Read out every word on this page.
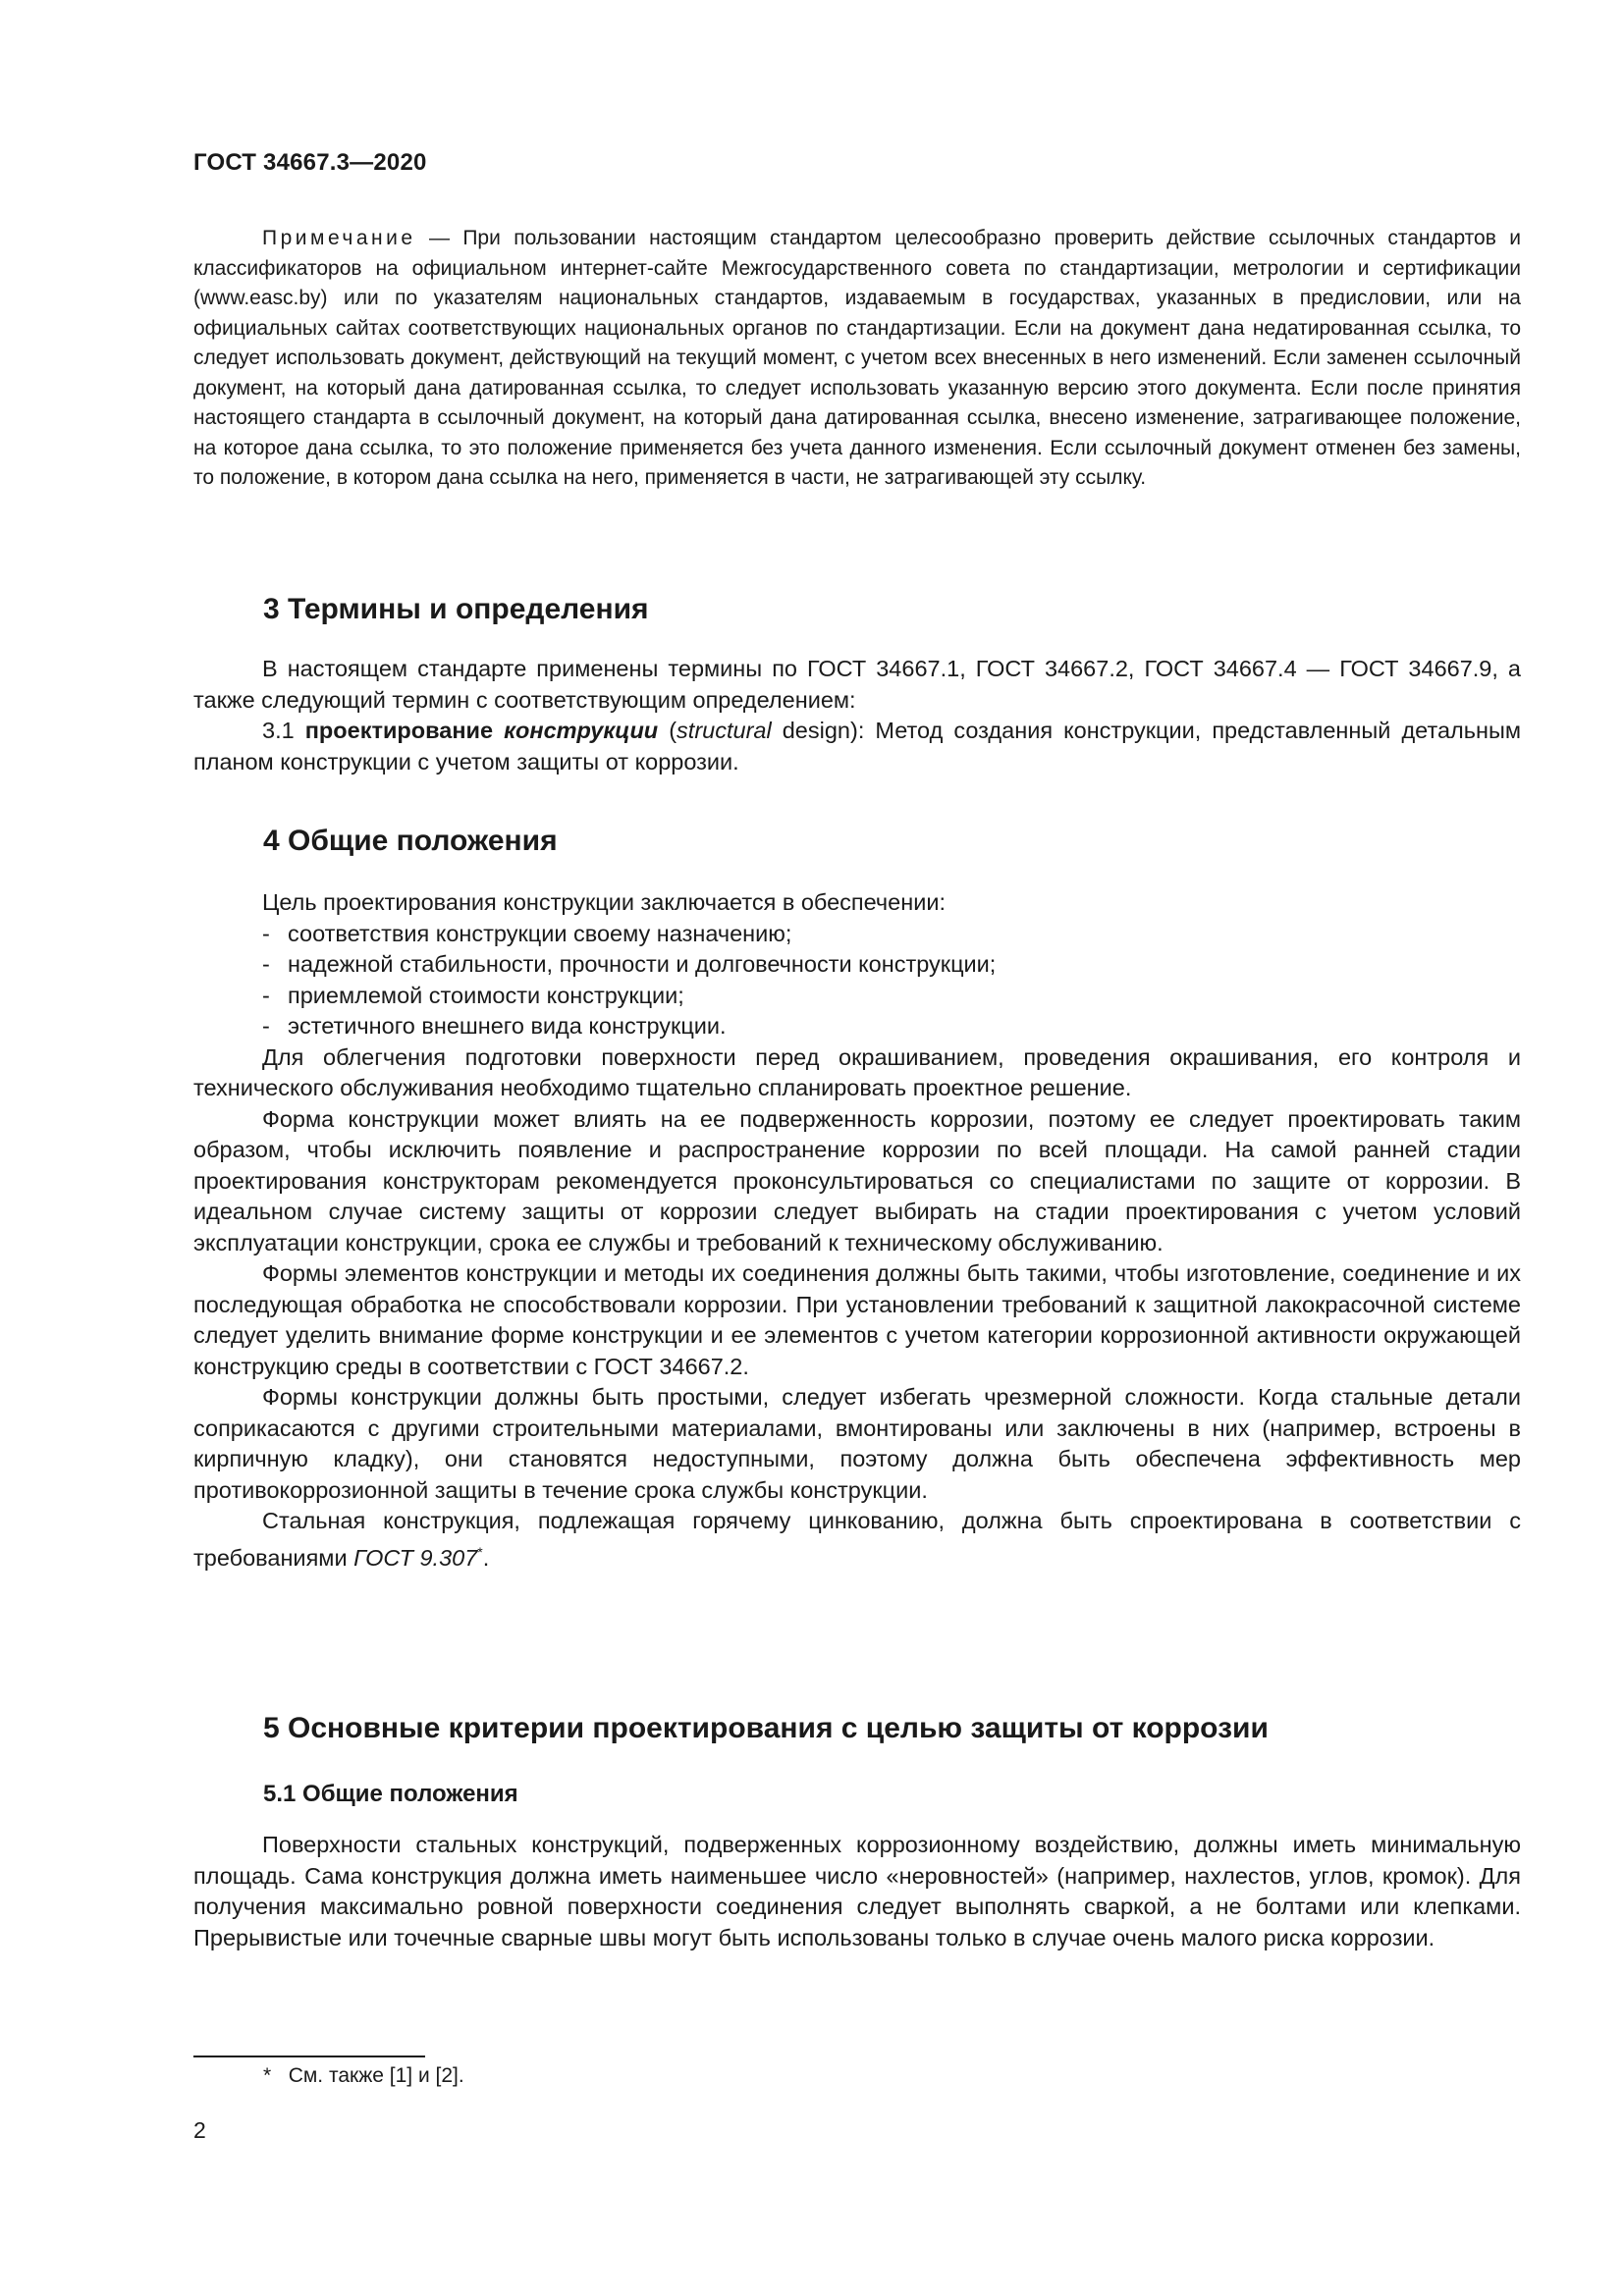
ГОСТ 34667.3—2020

Примечание — При пользовании настоящим стандартом целесообразно проверить действие ссылочных стандартов и классификаторов на официальном интернет-сайте Межгосударственного совета по стандартизации, метрологии и сертификации (www.easc.by) или по указателям национальных стандартов, издаваемым в государствах, указанных в предисловии, или на официальных сайтах соответствующих национальных органов по стандартизации. Если на документ дана недатированная ссылка, то следует использовать документ, действующий на текущий момент, с учетом всех внесенных в него изменений. Если заменен ссылочный документ, на который дана датированная ссылка, то следует использовать указанную версию этого документа. Если после принятия настоящего стандарта в ссылочный документ, на который дана датированная ссылка, внесено изменение, затрагивающее положение, на которое дана ссылка, то это положение применяется без учета данного изменения. Если ссылочный документ отменен без замены, то положение, в котором дана ссылка на него, применяется в части, не затрагивающей эту ссылку.

3 Термины и определения

В настоящем стандарте применены термины по ГОСТ 34667.1, ГОСТ 34667.2, ГОСТ 34667.4 — ГОСТ 34667.9, а также следующий термин с соответствующим определением:

3.1 проектирование конструкции (structural design): Метод создания конструкции, представленный детальным планом конструкции с учетом защиты от коррозии.

4 Общие положения

Цель проектирования конструкции заключается в обеспечении:

- соответствия конструкции своему назначению;
- надежной стабильности, прочности и долговечности конструкции;
- приемлемой стоимости конструкции;
- эстетичного внешнего вида конструкции.

Для облегчения подготовки поверхности перед окрашиванием, проведения окрашивания, его контроля и технического обслуживания необходимо тщательно спланировать проектное решение.

Форма конструкции может влиять на ее подверженность коррозии, поэтому ее следует проектировать таким образом, чтобы исключить появление и распространение коррозии по всей площади. На самой ранней стадии проектирования конструкторам рекомендуется проконсультироваться со специалистами по защите от коррозии. В идеальном случае систему защиты от коррозии следует выбирать на стадии проектирования с учетом условий эксплуатации конструкции, срока ее службы и требований к техническому обслуживанию.

Формы элементов конструкции и методы их соединения должны быть такими, чтобы изготовление, соединение и их последующая обработка не способствовали коррозии. При установлении требований к защитной лакокрасочной системе следует уделить внимание форме конструкции и ее элементов с учетом категории коррозионной активности окружающей конструкцию среды в соответствии с ГОСТ 34667.2.

Формы конструкции должны быть простыми, следует избегать чрезмерной сложности. Когда стальные детали соприкасаются с другими строительными материалами, вмонтированы или заключены в них (например, встроены в кирпичную кладку), они становятся недоступными, поэтому должна быть обеспечена эффективность мер противокоррозионной защиты в течение срока службы конструкции.

Стальная конструкция, подлежащая горячему цинкованию, должна быть спроектирована в соответствии с требованиями ГОСТ 9.307*.

5 Основные критерии проектирования с целью защиты от коррозии
5.1 Общие положения

Поверхности стальных конструкций, подверженных коррозионному воздействию, должны иметь минимальную площадь. Сама конструкция должна иметь наименьшее число «неровностей» (например, нахлестов, углов, кромок). Для получения максимально ровной поверхности соединения следует выполнять сваркой, а не болтами или клепками. Прерывистые или точечные сварные швы могут быть использованы только в случае очень малого риска коррозии.

* См. также [1] и [2].
2
